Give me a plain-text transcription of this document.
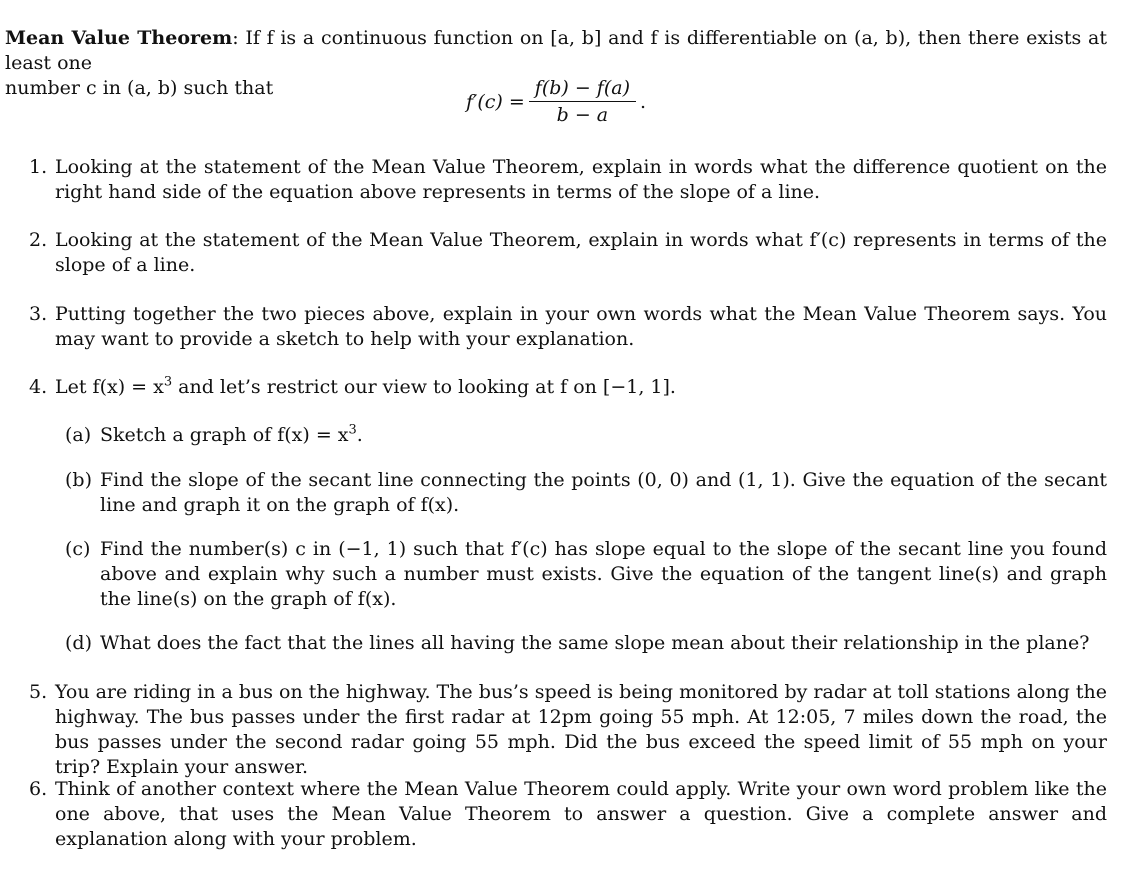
Mean Value Theorem: If f is a continuous function on [a, b] and f is differentiable on (a, b), then there exists at least one
number c in (a, b) such that
$f'(c) = \frac{f(b) - f(a)}{b - a}$ .
1. Looking at the statement of the Mean Value Theorem, explain in words what the difference quotient on the right hand side of the equation above represents in terms of the slope of a line.
2. Looking at the statement of the Mean Value Theorem, explain in words what f′(c) represents in terms of the slope of a line.
3. Putting together the two pieces above, explain in your own words what the Mean Value Theorem says. You may want to provide a sketch to help with your explanation.
4. Let $f(x) = x^3$ and let’s restrict our view to looking at f on [−1, 1].
(a) Sketch a graph of $f(x) = x^3$.
(b) Find the slope of the secant line connecting the points (0, 0) and (1, 1). Give the equation of the secant line and graph it on the graph of f(x).
(c) Find the number(s) c in (−1, 1) such that f′(c) has slope equal to the slope of the secant line you found above and explain why such a number must exists. Give the equation of the tangent line(s) and graph the line(s) on the graph of f(x).
(d) What does the fact that the lines all having the same slope mean about their relationship in the plane?
5. You are riding in a bus on the highway. The bus’s speed is being monitored by radar at toll stations along the highway. The bus passes under the first radar at 12pm going 55 mph. At 12:05, 7 miles down the road, the bus passes under the second radar going 55 mph. Did the bus exceed the speed limit of 55 mph on your trip? Explain your answer.
6. Think of another context where the Mean Value Theorem could apply. Write your own word problem like the one above, that uses the Mean Value Theorem to answer a question. Give a complete answer and explanation along with your problem.
